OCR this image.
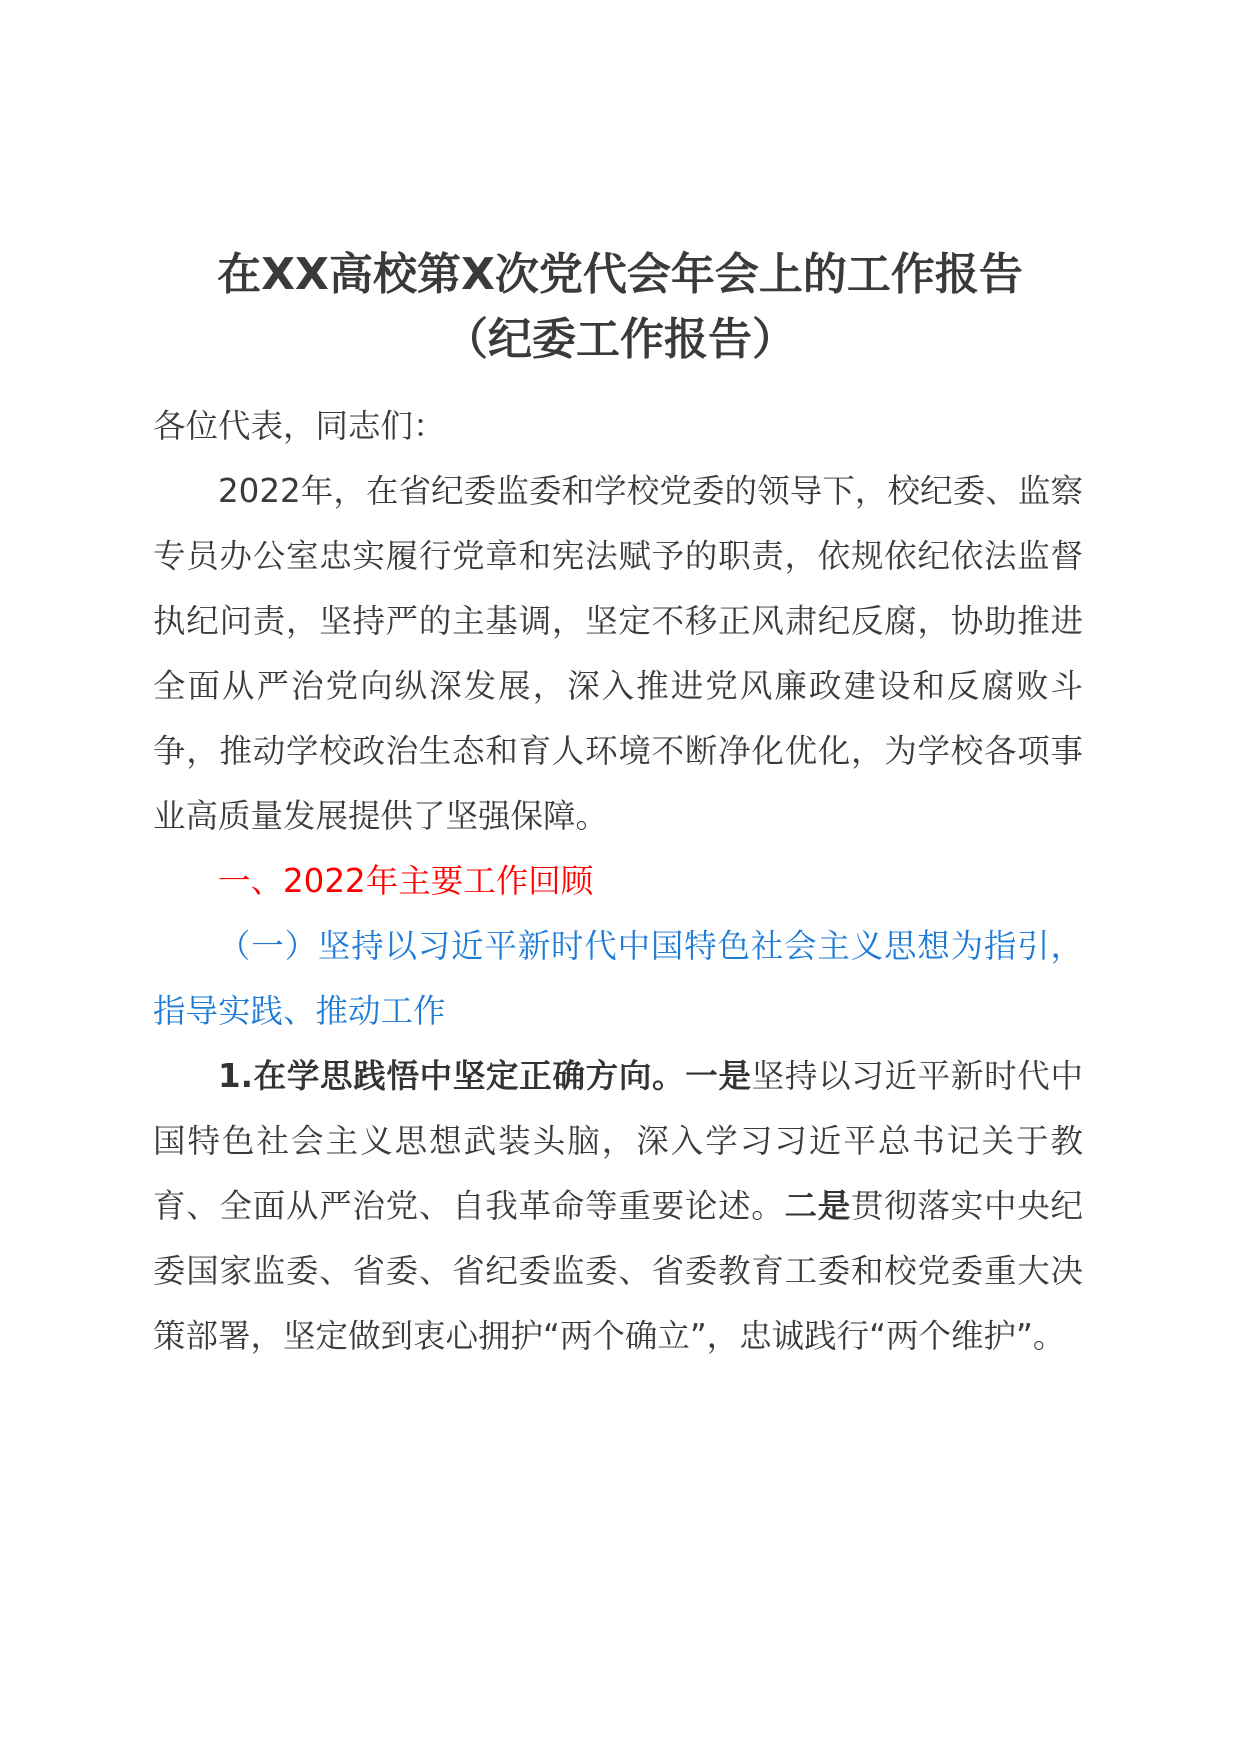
在XX高校第X次党代会年会上的工作报告
（纪委工作报告）

各位代表，同志们：

2022年，在省纪委监委和学校党委的领导下，校纪委、监察专员办公室忠实履行党章和宪法赋予的职责，依规依纪依法监督执纪问责，坚持严的主基调，坚定不移正风肃纪反腐，协助推进全面从严治党向纵深发展，深入推进党风廉政建设和反腐败斗争，推动学校政治生态和育人环境不断净化优化，为学校各项事业高质量发展提供了坚强保障。

一、2022年主要工作回顾

（一）坚持以习近平新时代中国特色社会主义思想为指引，指导实践、推动工作

1.在学思践悟中坚定正确方向。一是坚持以习近平新时代中国特色社会主义思想武装头脑，深入学习习近平总书记关于教育、全面从严治党、自我革命等重要论述。二是贯彻落实中央纪委国家监委、省委、省纪委监委、省委教育工委和校党委重大决策部署，坚定做到衷心拥护“两个确立”，忠诚践行“两个维护”。
